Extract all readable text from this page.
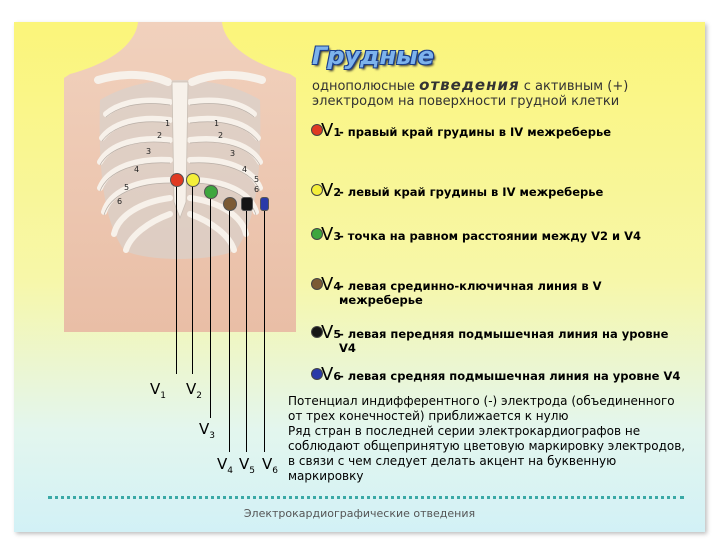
1
2
3
4
5
6
1
2
3
4
5
6
$V_1$ $V_2$
$V_3$
$V_4$ $V_5$ $V_6$
Грудные
однополюсные отведения с активным (+) электродом на поверхности грудной клетки
V1
- правый край грудины в IV межреберье
V2
- левый край грудины в IV межреберье
V3
- точка на равном расстоянии между V2 и V4
V4
- левая срединно-ключичная линия в V межреберье
V5
- левая передняя подмышечная линия на уровне V4
V6
- левая средняя подмышечная линия на уровне V4

Потенциал индифферентного (-) электрода (объединенного от трех конечностей) приближается к нулю

Ряд стран в последней серии электрокардиографов не соблюдают общепринятую цветовую маркировку электродов, в связи с чем следует делать акцент на буквенную маркировку

Электрокардиографические отведения
